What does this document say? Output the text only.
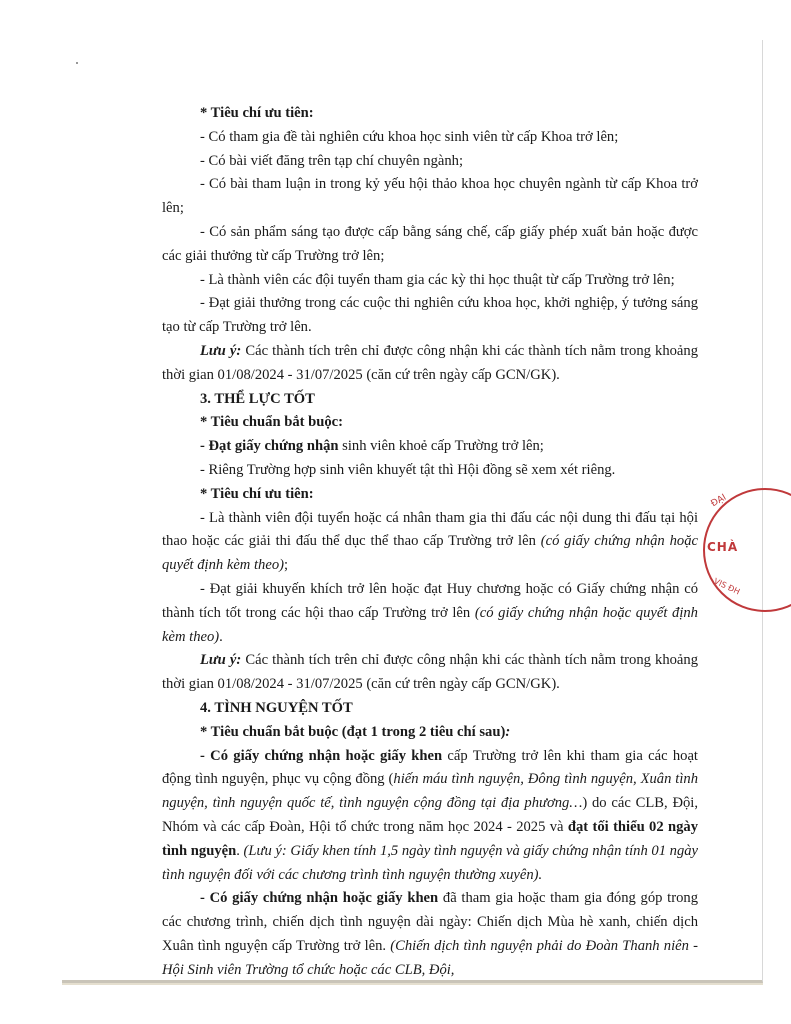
* Tiêu chí ưu tiên:

- Có tham gia đề tài nghiên cứu khoa học sinh viên từ cấp Khoa trở lên;

- Có bài viết đăng trên tạp chí chuyên ngành;

- Có bài tham luận in trong kỷ yếu hội thảo khoa học chuyên ngành từ cấp Khoa trở lên;

- Có sản phẩm sáng tạo được cấp bằng sáng chế, cấp giấy phép xuất bản hoặc được các giải thưởng từ cấp Trường trở lên;

- Là thành viên các đội tuyển tham gia các kỳ thi học thuật từ cấp Trường trở lên;

- Đạt giải thưởng trong các cuộc thi nghiên cứu khoa học, khởi nghiệp, ý tưởng sáng tạo từ cấp Trường trở lên.

Lưu ý: Các thành tích trên chỉ được công nhận khi các thành tích nằm trong khoảng thời gian 01/08/2024 - 31/07/2025 (căn cứ trên ngày cấp GCN/GK).

3. THỂ LỰC TỐT

* Tiêu chuẩn bắt buộc:

- Đạt giấy chứng nhận sinh viên khoẻ cấp Trường trở lên;

- Riêng Trường hợp sinh viên khuyết tật thì Hội đồng sẽ xem xét riêng.

* Tiêu chí ưu tiên:

- Là thành viên đội tuyển hoặc cá nhân tham gia thi đấu các nội dung thi đấu tại hội thao hoặc các giải thi đấu thể dục thể thao cấp Trường trở lên (có giấy chứng nhận hoặc quyết định kèm theo);

- Đạt giải khuyến khích trở lên hoặc đạt Huy chương hoặc có Giấy chứng nhận có thành tích tốt trong các hội thao cấp Trường trở lên (có giấy chứng nhận hoặc quyết định kèm theo).

Lưu ý: Các thành tích trên chỉ được công nhận khi các thành tích nằm trong khoảng thời gian 01/08/2024 - 31/07/2025 (căn cứ trên ngày cấp GCN/GK).

4. TÌNH NGUYỆN TỐT

* Tiêu chuẩn bắt buộc (đạt 1 trong 2 tiêu chí sau):

- Có giấy chứng nhận hoặc giấy khen cấp Trường trở lên khi tham gia các hoạt động tình nguyện, phục vụ cộng đồng (hiến máu tình nguyện, Đông tình nguyện, Xuân tình nguyện, tình nguyện quốc tế, tình nguyện cộng đồng tại địa phương…) do các CLB, Đội, Nhóm và các cấp Đoàn, Hội tổ chức trong năm học 2024 - 2025 và đạt tối thiểu 02 ngày tình nguyện. (Lưu ý: Giấy khen tính 1,5 ngày tình nguyện và giấy chứng nhận tính 01 ngày tình nguyện đối với các chương trình tình nguyện thường xuyên).

- Có giấy chứng nhận hoặc giấy khen đã tham gia hoặc tham gia đóng góp trong các chương trình, chiến dịch tình nguyện dài ngày: Chiến dịch Mùa hè xanh, chiến dịch Xuân tình nguyện cấp Trường trở lên. (Chiến dịch tình nguyện phải do Đoàn Thanh niên - Hội Sinh viên Trường tổ chức hoặc các CLB, Đội,

ĐẠI
CHÀ
VIS ĐH
